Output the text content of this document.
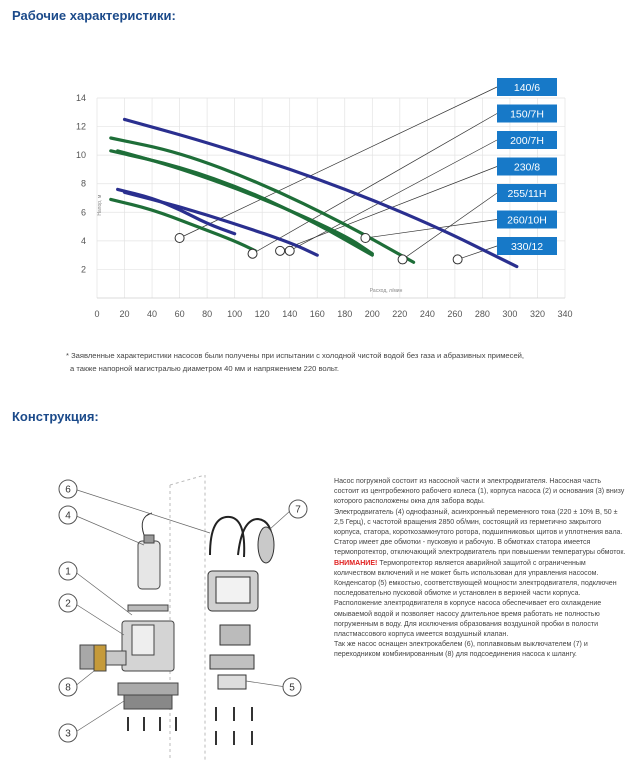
Рабочие характеристики:
0 20 40 60 80 100 120 140 160 180 200 220 240 260 280 300 320 340
2
4
6
8
10
12
14
Расход, л/мин
Напор, м
140/6
150/7Н
200/7Н
230/8
255/11Н
260/10Н
330/12

* Заявленные характеристики насосов были получены при испытании с холодной чистой водой без газа и абразивных примесей,
а также напорной магистралью диаметром 40 мм и напряжением 220 вольт.

Конструкция:
1
2
3
4
5
6
7
8

Насос погружной состоит из насосной части и электродвигателя. Насосная часть состоит из центробежного рабочего колеса (1), корпуса насоса (2) и основания (3) внизу которого расположены окна для забора воды.

Электродвигатель (4) однофазный, асинхронный переменного тока (220 ± 10% В, 50 ± 2,5 Герц), с частотой вращения 2850 об/мин, состоящий из герметично закрытого корпуса, статора, короткозамкнутого ротора, подшипниковых щитов и уплотнения вала. Статор имеет две обмотки - пусковую и рабочую. В обмотках статора имеется термопротектор, отключающий электродвигатель при повышении температуры обмоток.

ВНИМАНИЕ! Термопротектор является аварийной защитой с ограниченным количеством включений и не может быть использован для управления насосом.

Конденсатор (5) емкостью, соответствующей мощности электродвигателя, подключен последовательно пусковой обмотке и установлен в верхней части корпуса.

Расположение электродвигателя в корпусе насоса обеспечивает его охлаждение омываемой водой и позволяет насосу длительное время работать не полностью погруженным в воду. Для исключения образования воздушной пробки в полости пластмассового корпуса имеется воздушный клапан.

Так же насос оснащен электрокабелем (6), поплавковым выключателем (7) и переходником комбинированным (8) для подсоединения насоса к шлангу.
